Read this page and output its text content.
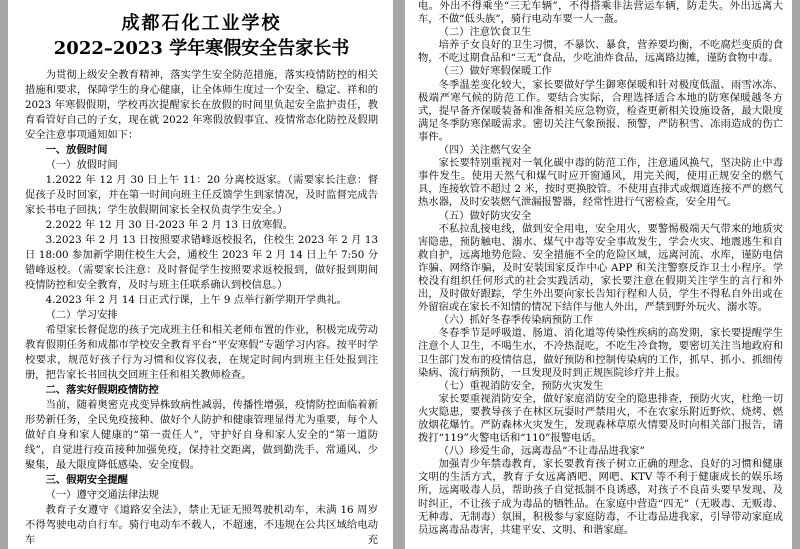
成都石化工业学校
2022–2023 学年寒假安全告家长书

为贯彻上级安全教育精神，落实学生安全防范措施，落实疫情防控的相关措施和要求，保障学生的身心健康，让全体师生度过一个安全、稳定、祥和的 2023 年寒假假期，学校再次提醒家长在放假的时间里负起安全监护责任，教育看管好自己的子女，现在就 2022 年寒假放假事宜、疫情常态化防控及假期安全注意事项通知如下：

一、放假时间

（一）放假时间

1.2022 年 12 月 30 日上午 11：20 分离校返家。（需要家长注意：督促孩子及时回家，并在第一时间向班主任反馈学生到家情况，及时监督完成告家长书电子回执；学生放假期间家长全权负责学生安全。）

2.2022 年 12 月 30 日-2023 年 2 月 13 日放寒假。

3.2023 年 2 月 13 日按照要求错峰返校报名，住校生 2023 年 2 月 13 日 18:00 参加新学期住校生大会，通校生 2023 年 2 月 14 日上午 7:50 分错峰返校。（需要家长注意：及时督促学生按照要求返校报到，做好报到期间疫情防控和安全教育，及时与班主任联系确认到校信息。）

4.2023 年 2 月 14 日正式行课，上午 9 点举行新学期开学典礼。

（二）学习安排

希望家长督促您的孩子完成班主任和相关老师布置的作业，积极完成劳动教育假期任务和成都市学校安全教育平台“平安寒假”专题学习内容。按平时学校要求，规范好孩子行为习惯和仪容仪表，在规定时间内到班主任处报到注册，把告家长书回执交回班主任和相关教师检查。

二、落实好假期疫情防控

当前，随着奥密克戎变异株致病性减弱，传播性增强，疫情防控面临着新形势新任务，全民免疫接种、做好个人防护和健康管理显得尤为重要，每个人做好自身和家人健康的“第一责任人”，守护好自身和家人安全的“第一道防线”，自觉进行疫苗接种加强免疫，保持社交距离，做到勤洗手、常通风、少聚集，最大限度降低感染、安全度假。

三、假期安全提醒

（一）遵守交通法律法规

教育子女遵守《道路安全法》，禁止无证无照驾驶机动车，未满 16 周岁不得驾驶电动自行车。骑行电动车不载人，不超速，不违规在公共区域给电动车充

电。外出不得乘坐“三无车辆”，不得搭乘非法营运车辆，防走失。外出远离大车，不做“低头族”，骑行电动车要一人一盔。

（二）注意饮食卫生

培养子女良好的卫生习惯，不暴饮、暴食，营养要均衡，不吃腐烂变质的食物，不吃过期食品和“三无”食品，少吃油炸食品，远离路边摊，谨防食物中毒。

（三）做好寒假保暖工作

冬季温差变化较大，家长要做好学生御寒保暖和针对极度低温、雨雪冰冻、极端严寒气候的防范工作。要结合实际，合理选择适合本地的防寒保暖越冬方式，提早备齐保暖装备和准备相关应急物资，检查更新相关设施设备，最大限度满足冬季防寒保暖需求。密切关注气象预报、预警，严防积雪、冻雨造成的伤亡事件。

（四）关注燃气安全

家长要特别重视对一氧化碳中毒的防范工作，注意通风换气，坚决防止中毒事件发生。使用天然气和煤气时应开窗通风，用完关阀，使用正规安全的燃气具，连接软管不超过 2 米，按时更换胶管。不使用直排式或烟道连接不严的燃气热水器，及时安装燃气泄漏报警器，经常性进行气密检查，安全用气。

（五）做好防灾安全

不私拉乱接电线，做到安全用电，安全用火，要警惕极端天气带来的地质灾害隐患，预防触电、溺水、煤气中毒等安全事故发生，学会火灾、地震逃生和自救自护，远离地势危险、安全措施不全的危险区域，远离河流、水库，谨防电信诈骗、网络诈骗，及时安装国家反诈中心 APP 和关注警察反诈卫士小程序。学校没有组织任何形式的社会实践活动，家长要注意在假期关注学生的言行和外出，及时做好跟踪，学生外出要向家长告知行程和人员，学生不得私自外出或在外留宿或在家长不知情的情况下结伴与他人外出，严禁到野外玩火、溺水等。

（六）抓好冬春季传染病预防工作

冬春季节是呼吸道、肠道、消化道等传染性疾病的高发期，家长要提醒学生注意个人卫生，不喝生水，不冷热混吃，不吃生冷食物，要密切关注当地政府和卫生部门发布的疫情信息，做好预防和控制传染病的工作，抓早、抓小、抓细传染病、流行病预防，一旦发现及时到正规医院诊疗并上报。

（七）重视消防安全，预防火灾发生

家长要重视消防安全，做好家庭消防安全的隐患排查，预防火灾，杜绝一切火灾隐患，要教导孩子在林区玩耍时严禁用火，不在农家乐附近野炊、烧烤、燃放烟花爆竹。严防森林火灾发生，发现森林草原火情要及时向相关部门报告，请拨打“119”火警电话和“110”报警电话。

（八）珍爱生命，远离毒品“不让毒品进我家”

加强青少年禁毒教育，家长要教育孩子树立正确的理念、良好的习惯和健康文明的生活方式，教育子女远离酒吧、网吧、KTV 等不利于健康成长的娱乐场所，远离吸毒人员，帮助孩子自觉抵制不良诱惑，对孩子不良苗头要早发现、及时纠正，不让孩子成为毒品的牺牲品。在家庭中营造“四无”（无吸毒、无贩毒、无种毒、无制毒）氛围，积极参与家庭防毒，不让毒品进我家，引导带动家庭成员远离毒品毒害，共建平安、文明、和谐家庭。
